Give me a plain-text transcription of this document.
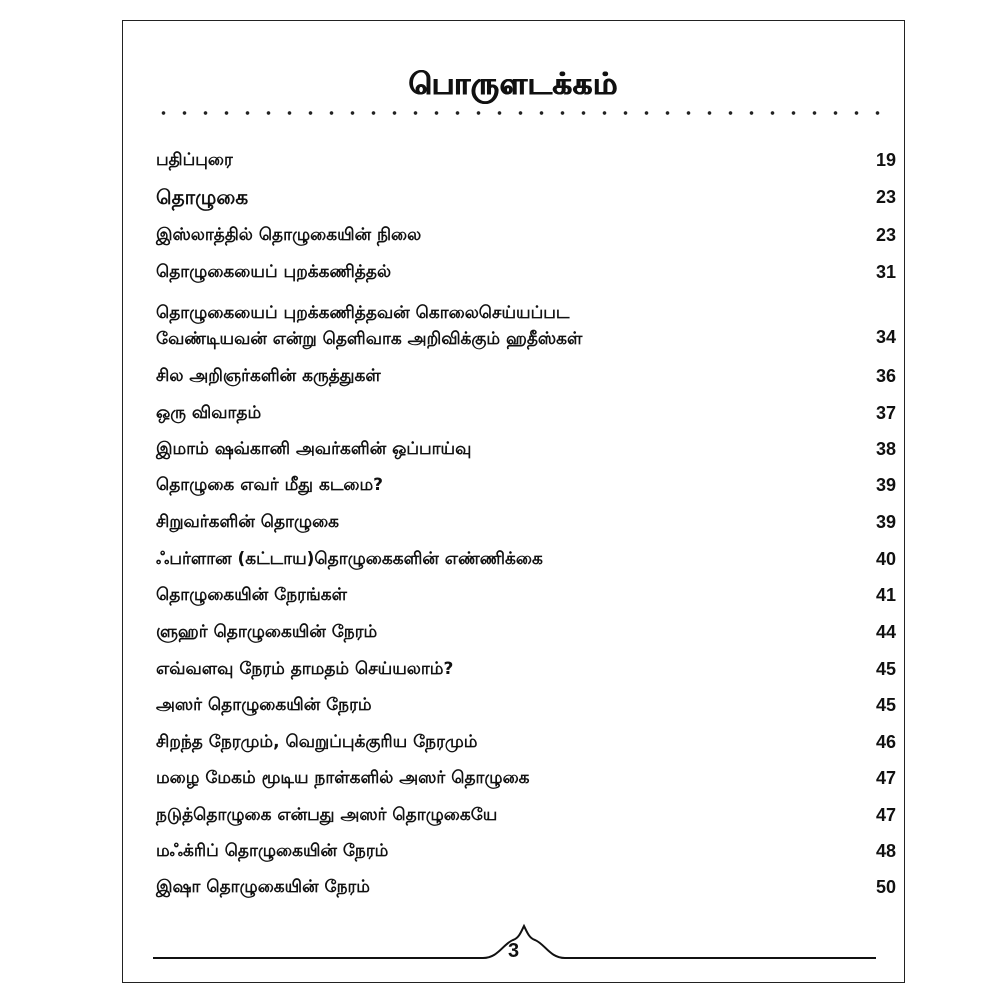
பொருளடக்கம்
பதிப்புரை	19
தொழுகை	23
இஸ்லாத்தில் தொழுகையின் நிலை	23
தொழுகையைப் புறக்கணித்தல்	31
தொழுகையைப் புறக்கணித்தவன் கொலைசெய்யப்பட
வேண்டியவன் என்று தெளிவாக அறிவிக்கும் ஹதீஸ்கள்	34
சில அறிஞர்களின் கருத்துகள்	36
ஒரு விவாதம்	37
இமாம் ஷவ்கானி அவர்களின் ஒப்பாய்வு	38
தொழுகை எவர் மீது கடமை?	39
சிறுவர்களின் தொழுகை	39
ஃபர்ளான (கட்டாய)தொழுகைகளின் எண்ணிக்கை	40
தொழுகையின் நேரங்கள்	41
ளுஹர் தொழுகையின் நேரம்	44
எவ்வளவு நேரம் தாமதம் செய்யலாம்?	45
அஸர் தொழுகையின் நேரம்	45
சிறந்த நேரமும், வெறுப்புக்குரிய நேரமும்	46
மழை மேகம் மூடிய நாள்களில் அஸர் தொழுகை	47
நடுத்தொழுகை என்பது அஸர் தொழுகையே	47
மஃக்ரிப் தொழுகையின் நேரம்	48
இஷா தொழுகையின் நேரம்	50
3
